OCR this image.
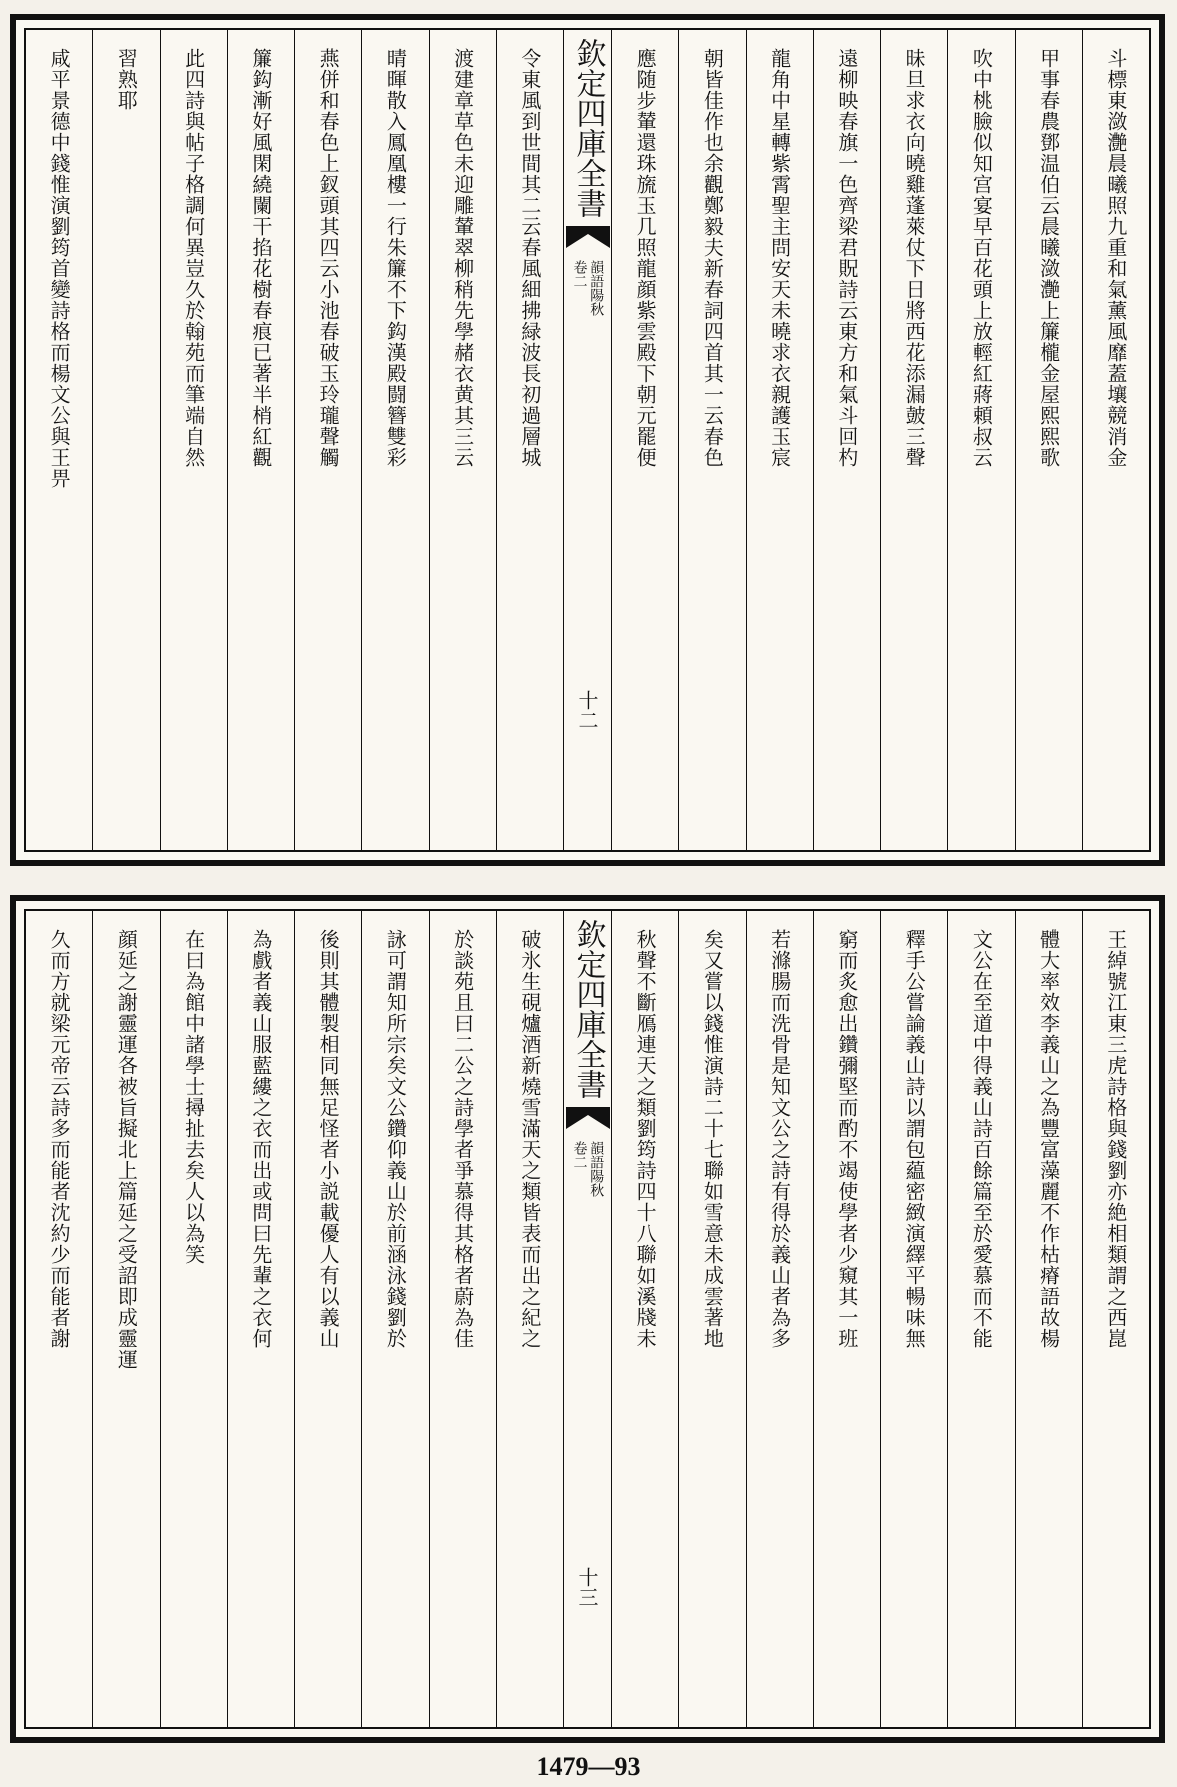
斗標東潋灔晨曦照九重和氣薰風靡蓋壤競消金
甲事春農鄧温伯云晨曦潋灔上簾櫳金屋熙熙歌
吹中桃臉似知宫宴早百花頭上放輕紅蔣頼叔云
昧旦求衣向曉雞蓬萊仗下日將西花添漏皷三聲
遠柳映春旗一色齊梁君貺詩云東方和氣斗回杓
龍角中星轉紫霄聖主問安天未曉求衣親護玉宸
朝皆佳作也余觀鄭毅夫新春詞四首其一云春色
應随步輦還珠旒玉几照龍顔紫雲殿下朝元罷便
欽定四庫全書
韻語陽秋
卷二
十二
令東風到世間其二云春風細拂緑波長初過層城
渡建章草色未迎雕輦翠柳稍先學赭衣黄其三云
晴暉散入鳳凰樓一行朱簾不下鈎漢殿闘簪雙彩
燕併和春色上釵頭其四云小池春破玉玲瓏聲觸
簾鈎漸好風閑繞闌干掐花樹春痕已著半梢紅觀
此四詩與帖子格調何異豈久於翰苑而筆端自然
習熟耶
咸平景德中錢惟演劉筠首變詩格而楊文公與王畀
王綽號江東三虎詩格與錢劉亦絶相類謂之西崑
體大率效李義山之為豐富藻麗不作枯瘠語故楊
文公在至道中得義山詩百餘篇至於愛慕而不能
釋手公嘗論義山詩以謂包藴密緻演繹平暢味無
窮而炙愈出鑽彌堅而酌不竭使學者少窺其一班
若滌腸而洗骨是知文公之詩有得於義山者為多
矣又嘗以錢惟演詩二十七聯如雪意未成雲著地
秋聲不斷鴈連天之類劉筠詩四十八聯如溪牋未
欽定四庫全書
韻語陽秋
卷二
十三
破氷生硯爐酒新燒雪滿天之類皆表而出之紀之
於談苑且曰二公之詩學者爭慕得其格者蔚為佳
詠可謂知所宗矣文公鑽仰義山於前涵泳錢劉於
後則其體製相同無足怪者小説載優人有以義山
為戲者義山服藍縷之衣而出或問曰先輩之衣何
在曰為館中諸學士撏扯去矣人以為笑
顔延之謝靈運各被旨擬北上篇延之受詔即成靈運
久而方就梁元帝云詩多而能者沈約少而能者謝
1479—93
